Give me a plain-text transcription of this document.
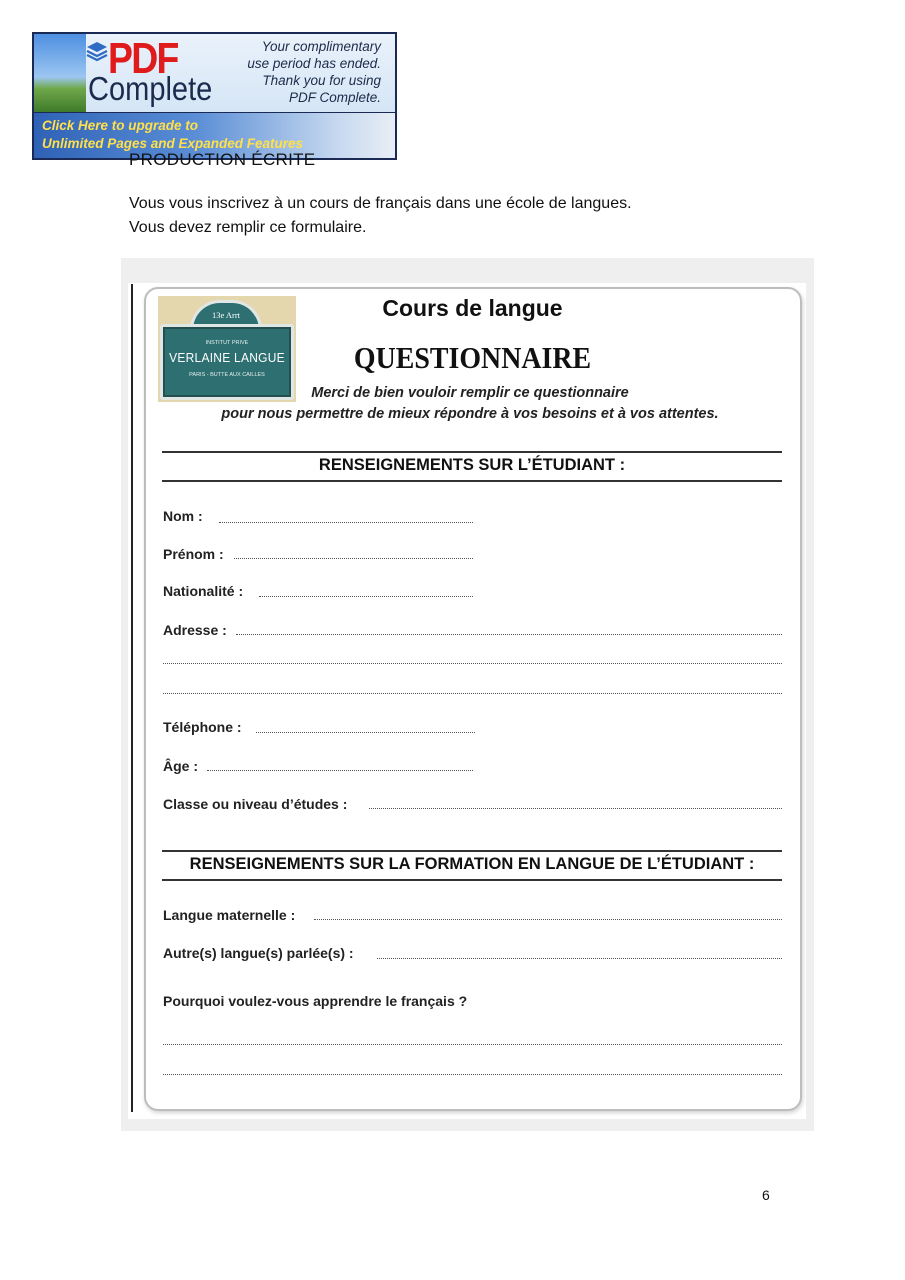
PDF
Complete
Your complimentary
use period has ended.
Thank you for using
PDF Complete.
Click Here to upgrade to
Unlimited Pages and Expanded Features
PRODUCTION ÉCRITE
Vous vous inscrivez à un cours de français dans une école de langues.
Vous devez remplir ce formulaire.
13e Arrt
INSTITUT PRIVE
VERLAINE LANGUE
PARIS - BUTTE AUX CAILLES
Cours de langue
QUESTIONNAIRE
Merci de bien vouloir remplir ce questionnaire
pour nous permettre de mieux répondre à vos besoins et à vos attentes.
RENSEIGNEMENTS SUR L’ÉTUDIANT :
Nom :
Prénom :
Nationalité :
Adresse :
Téléphone :
Âge :
Classe ou niveau d’études :
RENSEIGNEMENTS SUR LA FORMATION EN LANGUE DE L’ÉTUDIANT :
Langue maternelle :
Autre(s) langue(s) parlée(s) :
Pourquoi voulez-vous apprendre le français ?
6
